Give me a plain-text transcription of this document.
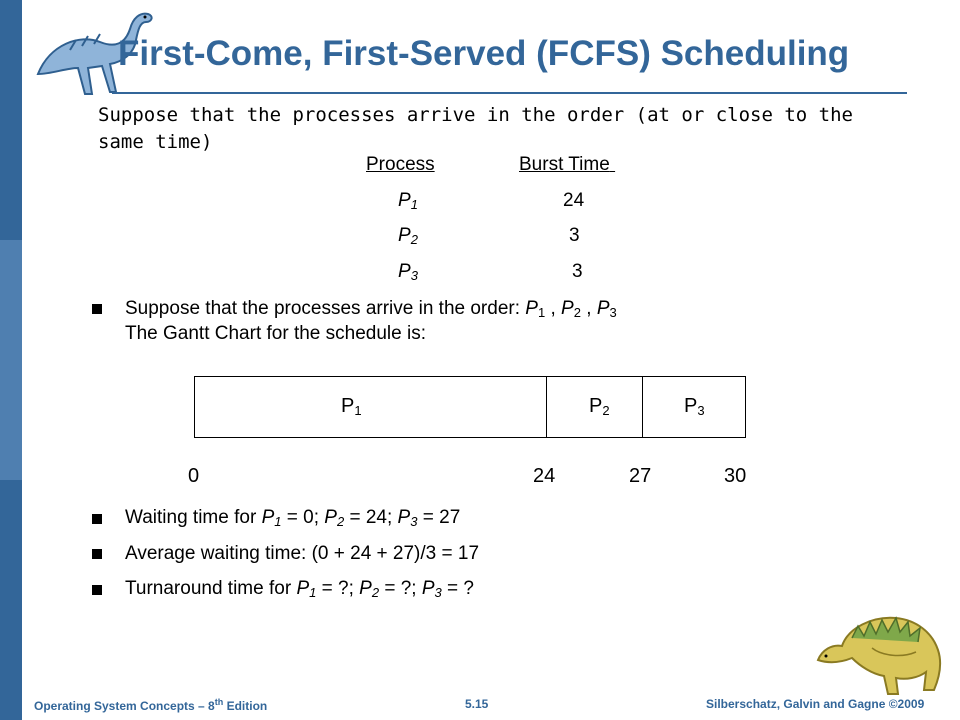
First-Come, First-Served (FCFS) Scheduling
Suppose that the processes arrive in the order (at or close to the same time)
Process	Burst Time
$P_1$	24
$P_2$	3
$P_3$	3
Suppose that the processes arrive in the order: $P_1$ , $P_2$ , $P_3$
The Gantt Chart for the schedule is:
$P_1$	$P_2$	$P_3$
0	24	27	30
Waiting time for $P_1 = 0$; $P_2 = 24$; $P_3 = 27$
Average waiting time: (0 + 24 + 27)/3 = 17
Turnaround time for $P_1$ = ?; $P_2$ = ?; $P_3$ = ?
Operating System Concepts – 8th Edition	5.15	Silberschatz, Galvin and Gagne ©2009
